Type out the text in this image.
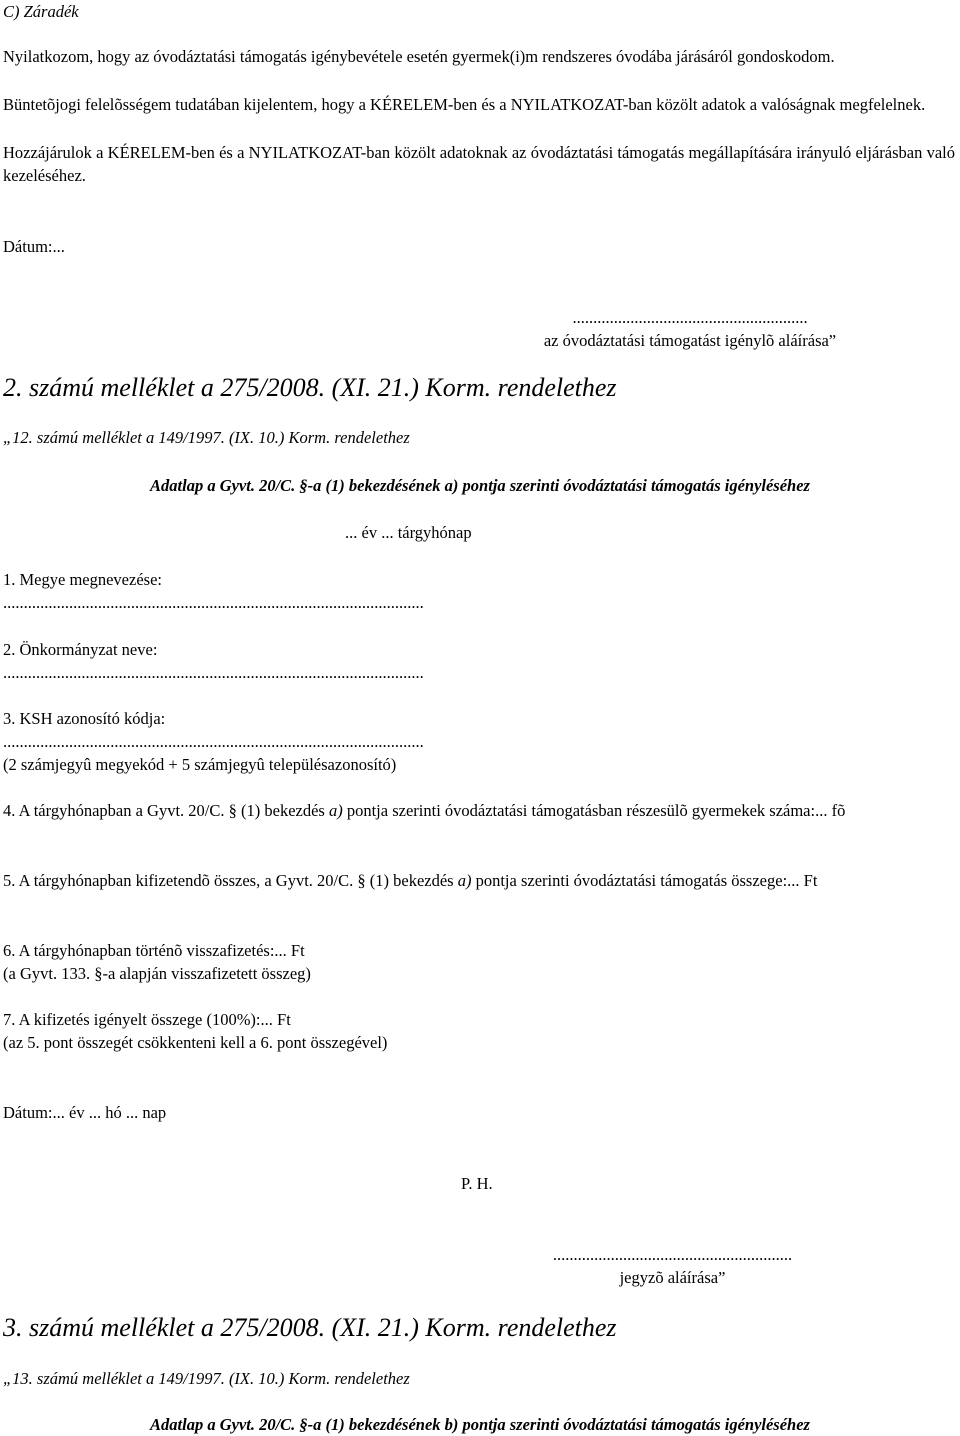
C) Záradék
Nyilatkozom, hogy az óvodáztatási támogatás igénybevétele esetén gyermek(i)m rendszeres óvodába járásáról gondoskodom.
Büntetõjogi felelõsségem tudatában kijelentem, hogy a KÉRELEM-ben és a NYILATKOZAT-ban közölt adatok a valóságnak megfelelnek.
Hozzájárulok a KÉRELEM-ben és a NYILATKOZAT-ban közölt adatoknak az óvodáztatási támogatás megállapítására irányuló eljárásban való kezeléséhez.
Dátum:...

.........................................................

az óvodáztatási támogatást igénylõ aláírása”

2. számú melléklet a 275/2008. (XI. 21.) Korm. rendelethez
„12. számú melléklet a 149/1997. (IX. 10.) Korm. rendelethez
Adatlap a Gyvt. 20/C. §-a (1) bekezdésének a) pontja szerinti óvodáztatási támogatás igényléséhez
... év ... tárgyhónap
1. Megye megnevezése:
......................................................................................................
2. Önkormányzat neve:
......................................................................................................
3. KSH azonosító kódja:
......................................................................................................
(2 számjegyû megyekód + 5 számjegyû településazonosító)
4. A tárgyhónapban a Gyvt. 20/C. § (1) bekezdés a) pontja szerinti óvodáztatási támogatásban részesülõ gyermekek száma:... fõ
5. A tárgyhónapban kifizetendõ összes, a Gyvt. 20/C. § (1) bekezdés a) pontja szerinti óvodáztatási támogatás összege:... Ft

6. A tárgyhónapban történõ visszafizetés:... Ft

(a Gyvt. 133. §-a alapján visszafizetett összeg)

7. A kifizetés igényelt összege (100%):... Ft

(az 5. pont összegét csökkenteni kell a 6. pont összegével)

Dátum:... év ... hó ... nap
P. H.

..........................................................

jegyzõ aláírása”

3. számú melléklet a 275/2008. (XI. 21.) Korm. rendelethez
„13. számú melléklet a 149/1997. (IX. 10.) Korm. rendelethez
Adatlap a Gyvt. 20/C. §-a (1) bekezdésének b) pontja szerinti óvodáztatási támogatás igényléséhez
